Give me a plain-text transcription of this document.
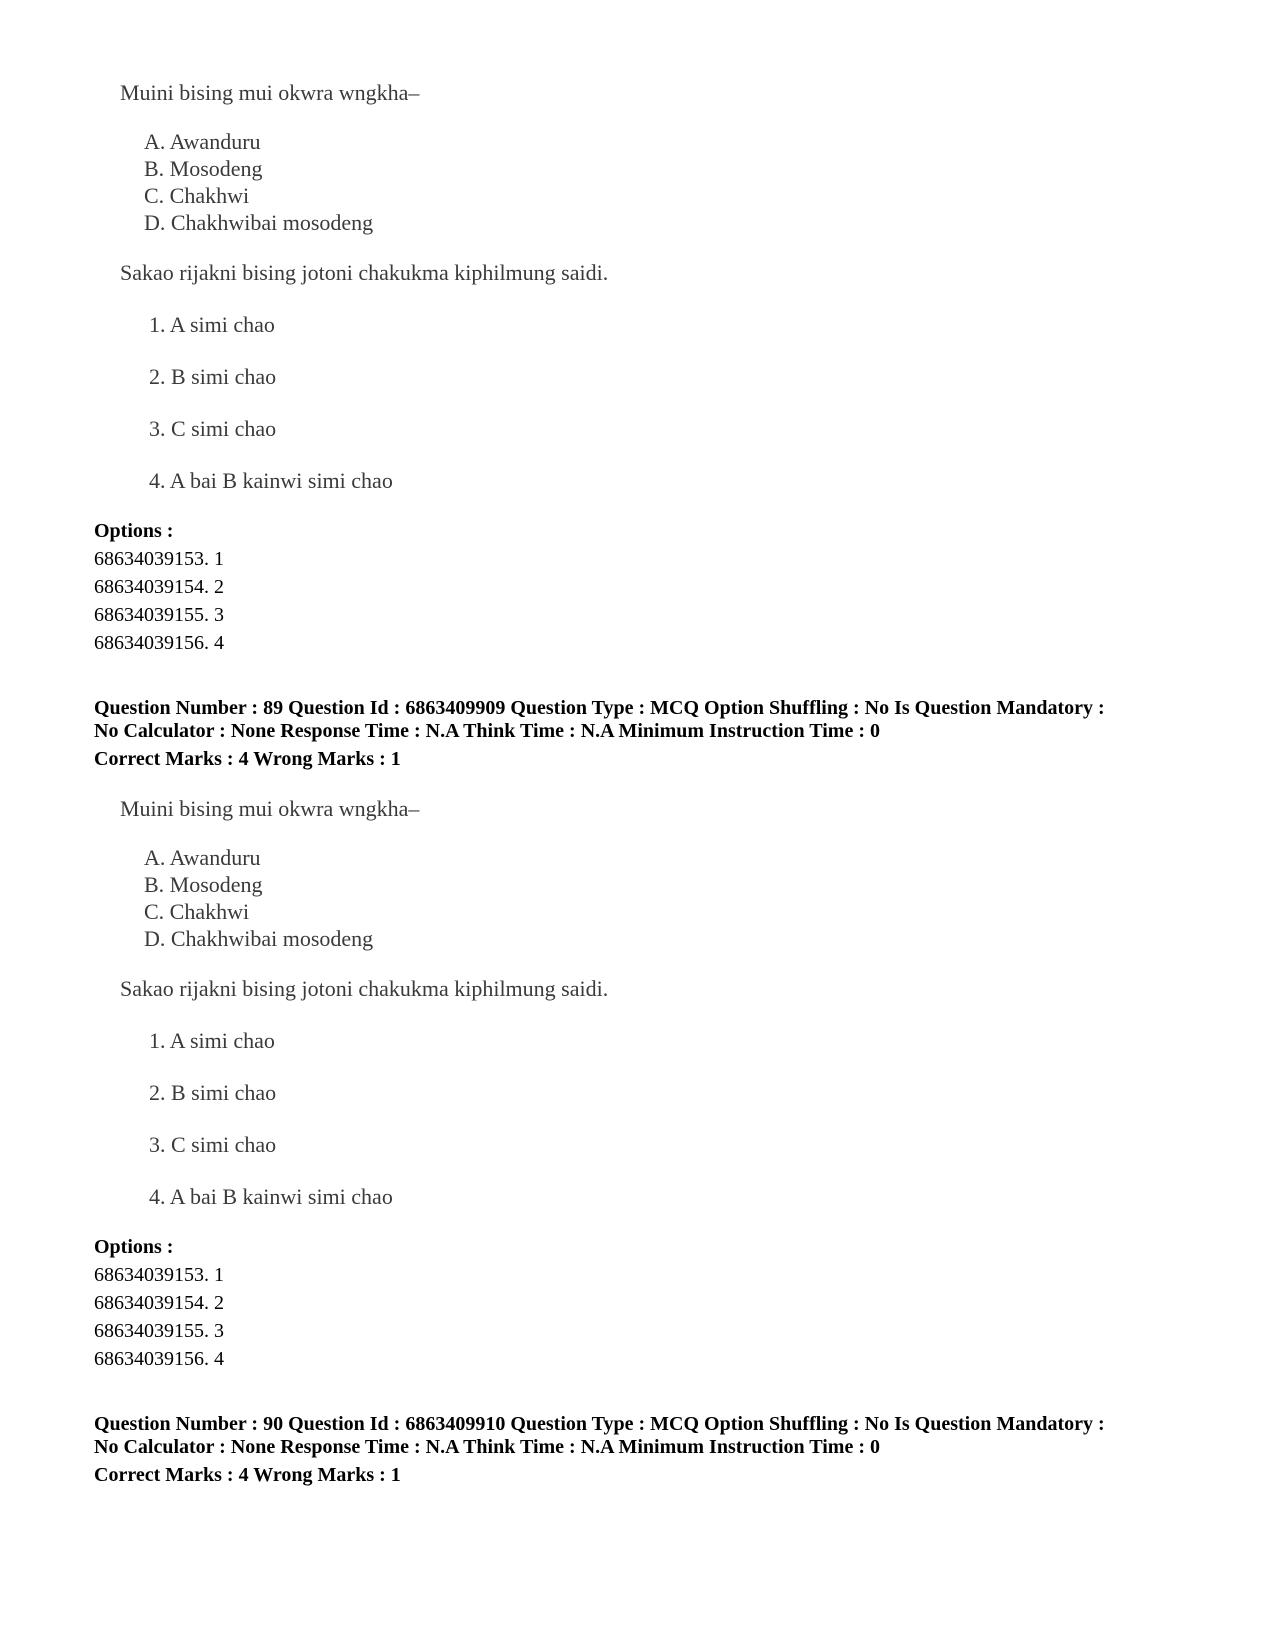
Muini bising mui okwra wngkha–
A. Awanduru
B. Mosodeng
C. Chakhwi
D. Chakhwibai mosodeng
Sakao rijakni bising jotoni chakukma kiphilmung saidi.
1. A simi chao
2. B simi chao
3. C simi chao
4. A bai B kainwi simi chao
Options :
68634039153. 1
68634039154. 2
68634039155. 3
68634039156. 4
Question Number : 89 Question Id : 6863409909 Question Type : MCQ Option Shuffling : No Is Question Mandatory :
No Calculator : None Response Time : N.A Think Time : N.A Minimum Instruction Time : 0
Correct Marks : 4 Wrong Marks : 1
Muini bising mui okwra wngkha–
A. Awanduru
B. Mosodeng
C. Chakhwi
D. Chakhwibai mosodeng
Sakao rijakni bising jotoni chakukma kiphilmung saidi.
1. A simi chao
2. B simi chao
3. C simi chao
4. A bai B kainwi simi chao
Options :
68634039153. 1
68634039154. 2
68634039155. 3
68634039156. 4
Question Number : 90 Question Id : 6863409910 Question Type : MCQ Option Shuffling : No Is Question Mandatory :
No Calculator : None Response Time : N.A Think Time : N.A Minimum Instruction Time : 0
Correct Marks : 4 Wrong Marks : 1
